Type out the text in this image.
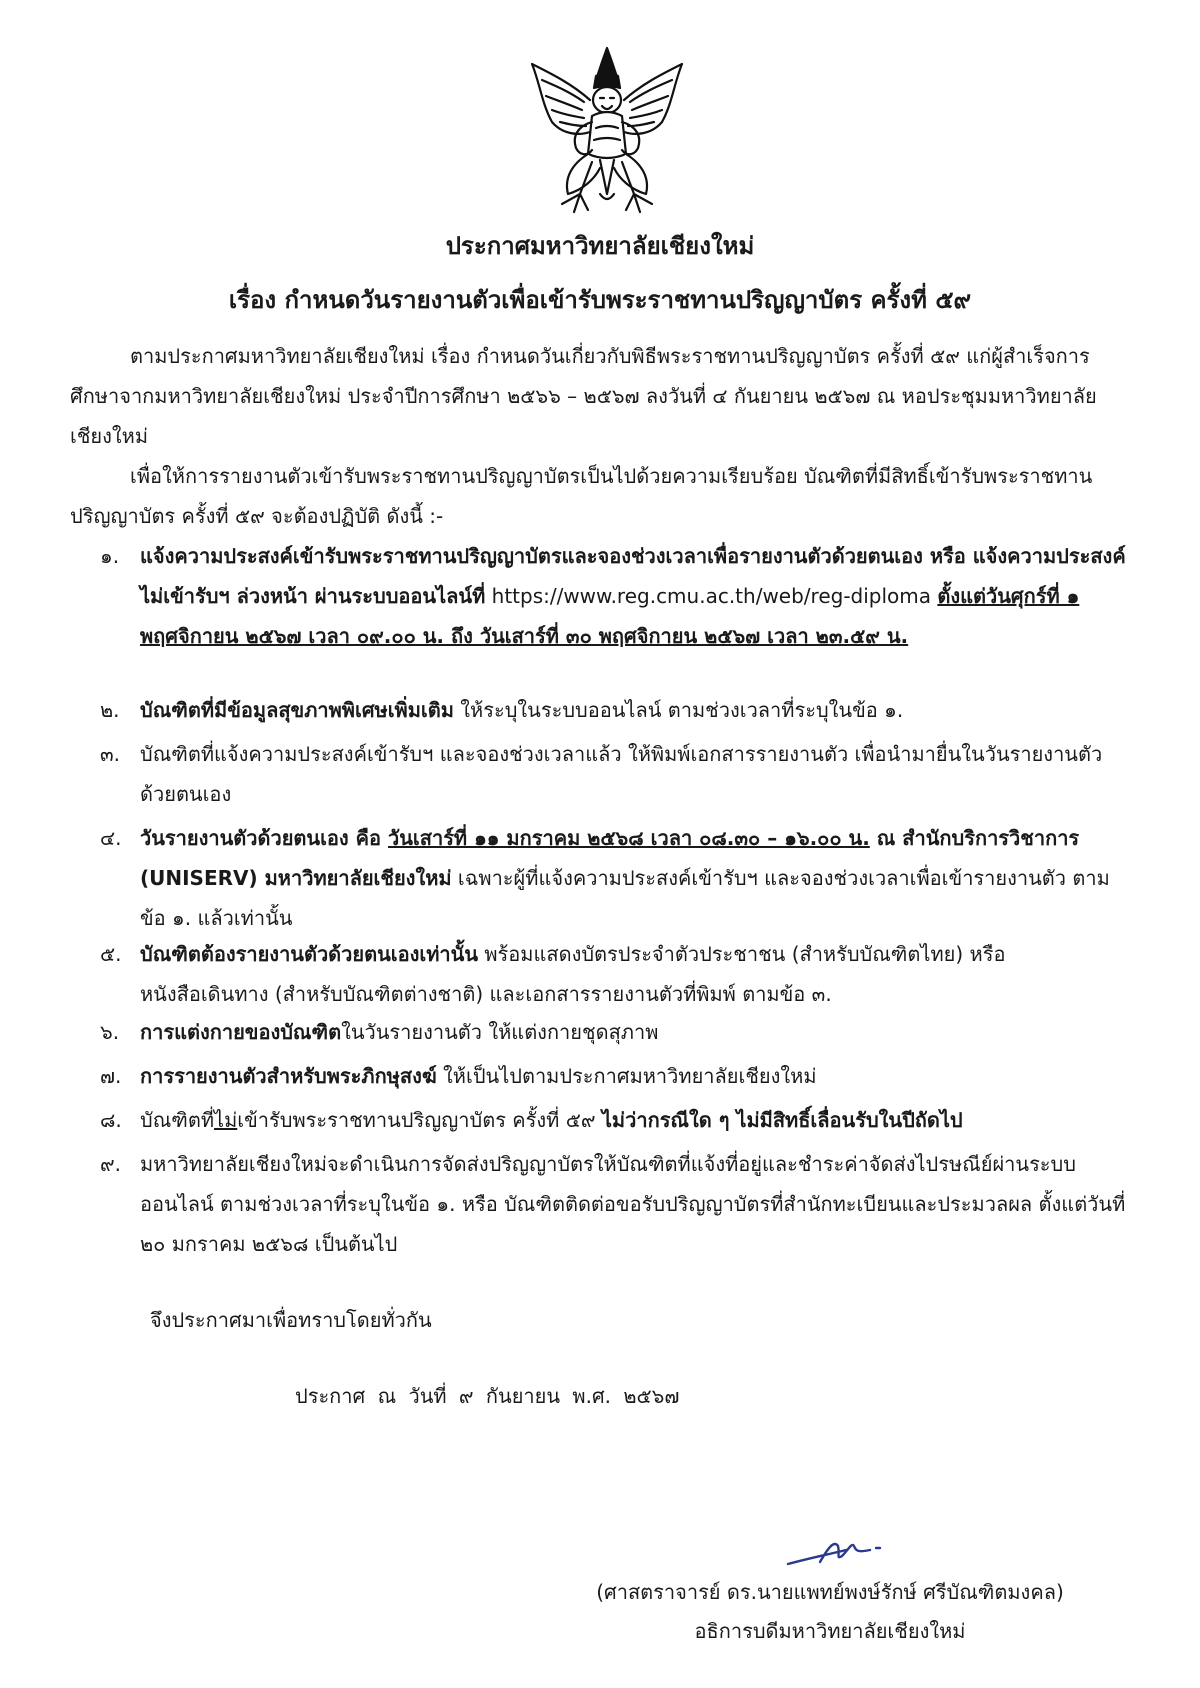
ประกาศมหาวิทยาลัยเชียงใหม่
เรื่อง กำหนดวันรายงานตัวเพื่อเข้ารับพระราชทานปริญญาบัตร ครั้งที่ ๕๙
ตามประกาศมหาวิทยาลัยเชียงใหม่ เรื่อง กำหนดวันเกี่ยวกับพิธีพระราชทานปริญญาบัตร ครั้งที่ ๕๙ แก่ผู้สำเร็จการศึกษาจากมหาวิทยาลัยเชียงใหม่ ประจำปีการศึกษา ๒๕๖๖ – ๒๕๖๗ ลงวันที่ ๔ กันยายน ๒๕๖๗ ณ หอประชุมมหาวิทยาลัยเชียงใหม่
เพื่อให้การรายงานตัวเข้ารับพระราชทานปริญญาบัตรเป็นไปด้วยความเรียบร้อย บัณฑิตที่มีสิทธิ์เข้ารับพระราชทานปริญญาบัตร ครั้งที่ ๕๙ จะต้องปฏิบัติ ดังนี้ :-
๑. แจ้งความประสงค์เข้ารับพระราชทานปริญญาบัตรและจองช่วงเวลาเพื่อรายงานตัวด้วยตนเอง หรือ แจ้งความประสงค์ไม่เข้ารับฯ ล่วงหน้า ผ่านระบบออนไลน์ที่ https://www.reg.cmu.ac.th/web/reg-diploma ตั้งแต่วันศุกร์ที่ ๑ พฤศจิกายน ๒๕๖๗ เวลา ๐๙.๐๐ น. ถึง วันเสาร์ที่ ๓๐ พฤศจิกายน ๒๕๖๗ เวลา ๒๓.๕๙ น.
๒. บัณฑิตที่มีข้อมูลสุขภาพพิเศษเพิ่มเติม ให้ระบุในระบบออนไลน์ ตามช่วงเวลาที่ระบุในข้อ ๑.
๓. บัณฑิตที่แจ้งความประสงค์เข้ารับฯ และจองช่วงเวลาแล้ว ให้พิมพ์เอกสารรายงานตัว เพื่อนำมายื่นในวันรายงานตัวด้วยตนเอง
๔. วันรายงานตัวด้วยตนเอง คือ วันเสาร์ที่ ๑๑ มกราคม ๒๕๖๘ เวลา ๐๘.๓๐ – ๑๖.๐๐ น. ณ สำนักบริการวิชาการ (UNISERV) มหาวิทยาลัยเชียงใหม่ เฉพาะผู้ที่แจ้งความประสงค์เข้ารับฯ และจองช่วงเวลาเพื่อเข้ารายงานตัว ตามข้อ ๑. แล้วเท่านั้น
๕. บัณฑิตต้องรายงานตัวด้วยตนเองเท่านั้น พร้อมแสดงบัตรประจำตัวประชาชน (สำหรับบัณฑิตไทย) หรือ หนังสือเดินทาง (สำหรับบัณฑิตต่างชาติ) และเอกสารรายงานตัวที่พิมพ์ ตามข้อ ๓.
๖. การแต่งกายของบัณฑิตในวันรายงานตัว ให้แต่งกายชุดสุภาพ
๗. การรายงานตัวสำหรับพระภิกษุสงฆ์ ให้เป็นไปตามประกาศมหาวิทยาลัยเชียงใหม่
๘. บัณฑิตที่ไม่เข้ารับพระราชทานปริญญาบัตร ครั้งที่ ๕๙ ไม่ว่ากรณีใด ๆ ไม่มีสิทธิ์เลื่อนรับในปีถัดไป
๙. มหาวิทยาลัยเชียงใหม่จะดำเนินการจัดส่งปริญญาบัตรให้บัณฑิตที่แจ้งที่อยู่และชำระค่าจัดส่งไปรษณีย์ผ่านระบบออนไลน์ ตามช่วงเวลาที่ระบุในข้อ ๑. หรือ บัณฑิตติดต่อขอรับปริญญาบัตรที่สำนักทะเบียนและประมวลผล ตั้งแต่วันที่ ๒๐ มกราคม ๒๕๖๘ เป็นต้นไป
จึงประกาศมาเพื่อทราบโดยทั่วกัน
ประกาศ ณ วันที่ ๙ กันยายน พ.ศ. ๒๕๖๗
(ศาสตราจารย์ ดร.นายแพทย์พงษ์รักษ์ ศรีบัณฑิตมงคล)
อธิการบดีมหาวิทยาลัยเชียงใหม่
